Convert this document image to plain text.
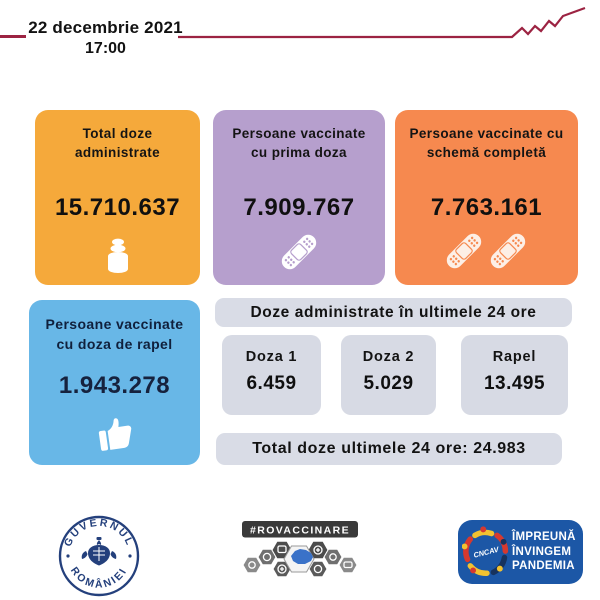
22 decembrie 2021
17:00
Total doze administrate
15.710.637
Persoane vaccinate cu prima doza
7.909.767
Persoane vaccinate cu schemă completă
7.763.161
Persoane vaccinate cu doza de rapel
1.943.278
Doze administrate în ultimele 24 ore
Doza 1
6.459
Doza 2
5.029
Rapel
13.495
Total doze ultimele 24 ore: 24.983
GUVERNUL
ROMÂNIEI
#ROVACCINARE
CNCAV
ÎMPREUNĂ
ÎNVINGEM
PANDEMIA
